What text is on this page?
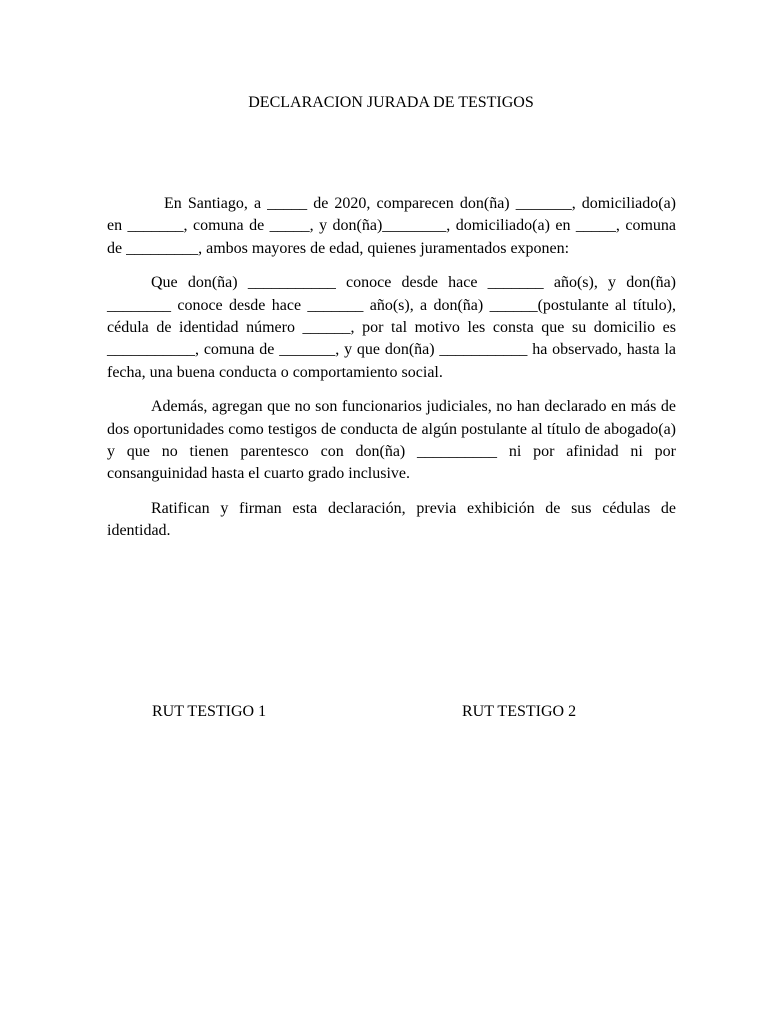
DECLARACION JURADA DE TESTIGOS

En Santiago, a _____ de 2020, comparecen don(ña) _______, domiciliado(a) en _______, comuna de _____, y don(ña)________, domiciliado(a) en _____, comuna de _________, ambos mayores de edad, quienes juramentados exponen:

Que don(ña) ___________ conoce desde hace _______ año(s), y don(ña) ________ conoce desde hace _______ año(s), a don(ña) ______(postulante al título), cédula de identidad número ______, por tal motivo les consta que su domicilio es ___________, comuna de _______, y que don(ña) ___________ ha observado, hasta la fecha, una buena conducta o comportamiento social.

Además, agregan que no son funcionarios judiciales, no han declarado en más de dos oportunidades como testigos de conducta de algún postulante al título de abogado(a) y que no tienen parentesco con don(ña) __________ ni por afinidad ni por consanguinidad hasta el cuarto grado inclusive.

Ratifican y firman esta declaración, previa exhibición de sus cédulas de identidad.

RUT TESTIGO 1	RUT TESTIGO 2
